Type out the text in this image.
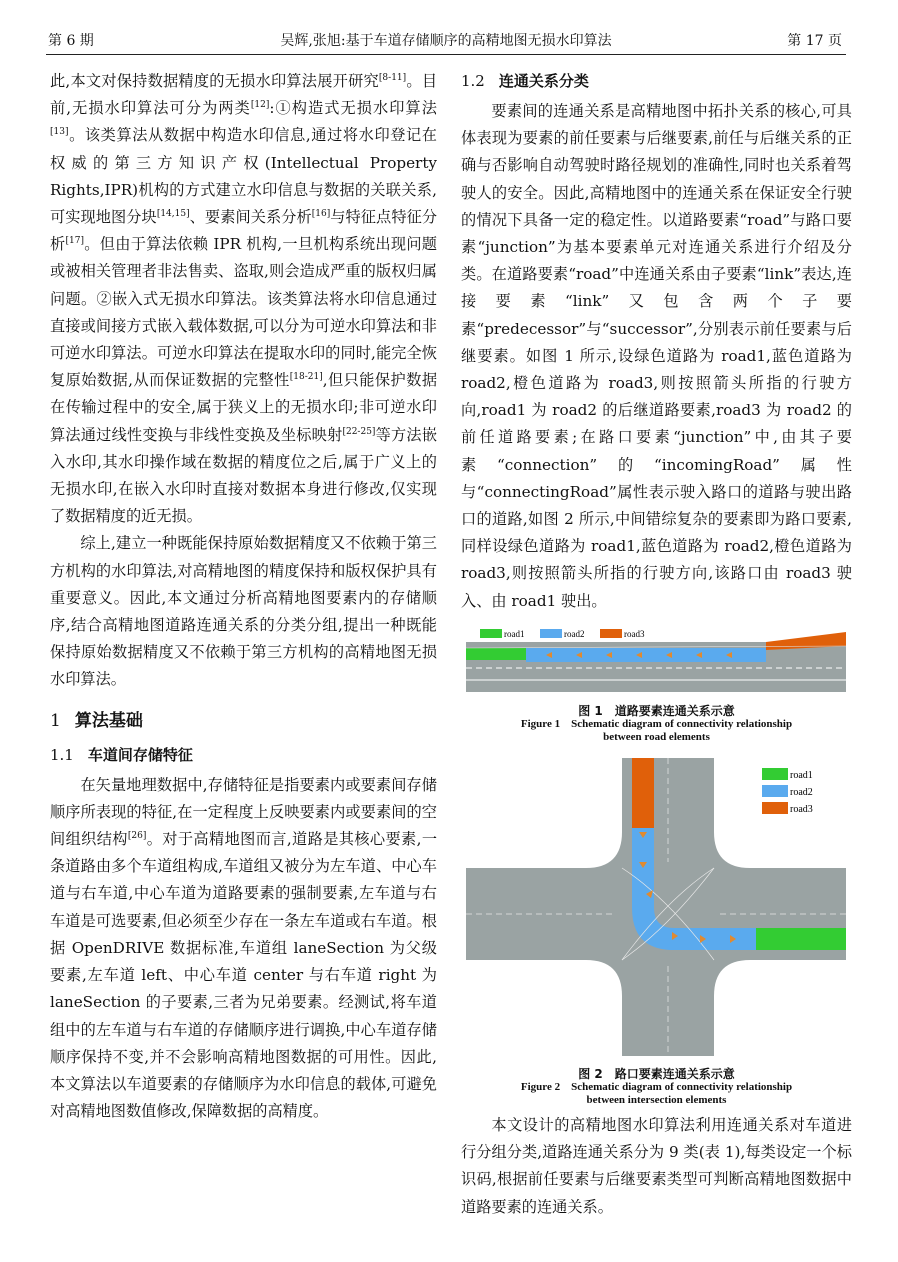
第 6 期	吴辉,张旭:基于车道存储顺序的高精地图无损水印算法	第 17 页

此,本文对保持数据精度的无损水印算法展开研究[8-11]。目前,无损水印算法可分为两类[12]:①构造式无损水印算法[13]。该类算法从数据中构造水印信息,通过将水印登记在权威的第三方知识产权(Intellectual Property Rights,IPR)机构的方式建立水印信息与数据的关联关系,可实现地图分块[14,15]、要素间关系分析[16]与特征点特征分析[17]。但由于算法依赖 IPR 机构,一旦机构系统出现问题或被相关管理者非法售卖、盗取,则会造成严重的版权归属问题。②嵌入式无损水印算法。该类算法将水印信息通过直接或间接方式嵌入载体数据,可以分为可逆水印算法和非可逆水印算法。可逆水印算法在提取水印的同时,能完全恢复原始数据,从而保证数据的完整性[18-21],但只能保护数据在传输过程中的安全,属于狭义上的无损水印;非可逆水印算法通过线性变换与非线性变换及坐标映射[22-25]等方法嵌入水印,其水印操作域在数据的精度位之后,属于广义上的无损水印,在嵌入水印时直接对数据本身进行修改,仅实现了数据精度的近无损。

综上,建立一种既能保持原始数据精度又不依赖于第三方机构的水印算法,对高精地图的精度保持和版权保护具有重要意义。因此,本文通过分析高精地图要素内的存储顺序,结合高精地图道路连通关系的分类分组,提出一种既能保持原始数据精度又不依赖于第三方机构的高精地图无损水印算法。

1 算法基础
1.1 车道间存储特征

在矢量地理数据中,存储特征是指要素内或要素间存储顺序所表现的特征,在一定程度上反映要素内或要素间的空间组织结构[26]。对于高精地图而言,道路是其核心要素,一条道路由多个车道组构成,车道组又被分为左车道、中心车道与右车道,中心车道为道路要素的强制要素,左车道与右车道是可选要素,但必须至少存在一条左车道或右车道。根据 OpenDRIVE 数据标准,车道组 laneSection 为父级要素,左车道 left、中心车道 center 与右车道 right 为 laneSection 的子要素,三者为兄弟要素。经测试,将车道组中的左车道与右车道的存储顺序进行调换,中心车道存储顺序保持不变,并不会影响高精地图数据的可用性。因此,本文算法以车道要素的存储顺序为水印信息的载体,可避免对高精地图数值修改,保障数据的高精度。

1.2 连通关系分类

要素间的连通关系是高精地图中拓扑关系的核心,可具体表现为要素的前任要素与后继要素,前任与后继关系的正确与否影响自动驾驶时路径规划的准确性,同时也关系着驾驶人的安全。因此,高精地图中的连通关系在保证安全行驶的情况下具备一定的稳定性。以道路要素“road”与路口要素“junction”为基本要素单元对连通关系进行介绍及分类。在道路要素“road”中连通关系由子要素“link”表达,连接要素“link”又包含两个子要素“predecessor”与“successor”,分别表示前任要素与后继要素。如图 1 所示,设绿色道路为 road1,蓝色道路为 road2,橙色道路为 road3,则按照箭头所指的行驶方向,road1 为 road2 的后继道路要素,road3 为 road2 的前任道路要素;在路口要素“junction”中,由其子要素“connection”的“incomingRoad”属性与“connectingRoad”属性表示驶入路口的道路与驶出路口的道路,如图 2 所示,中间错综复杂的要素即为路口要素,同样设绿色道路为 road1,蓝色道路为 road2,橙色道路为 road3,则按照箭头所指的行驶方向,该路口由 road3 驶入、由 road1 驶出。

road1	road2	road3
图 1　道路要素连通关系示意
Figure 1　Schematic diagram of connectivity relationship
between road elements
road1
road2
road3
图 2　路口要素连通关系示意
Figure 2　Schematic diagram of connectivity relationship
between intersection elements

本文设计的高精地图水印算法利用连通关系对车道进行分组分类,道路连通关系分为 9 类(表 1),每类设定一个标识码,根据前任要素与后继要素类型可判断高精地图数据中道路要素的连通关系。
